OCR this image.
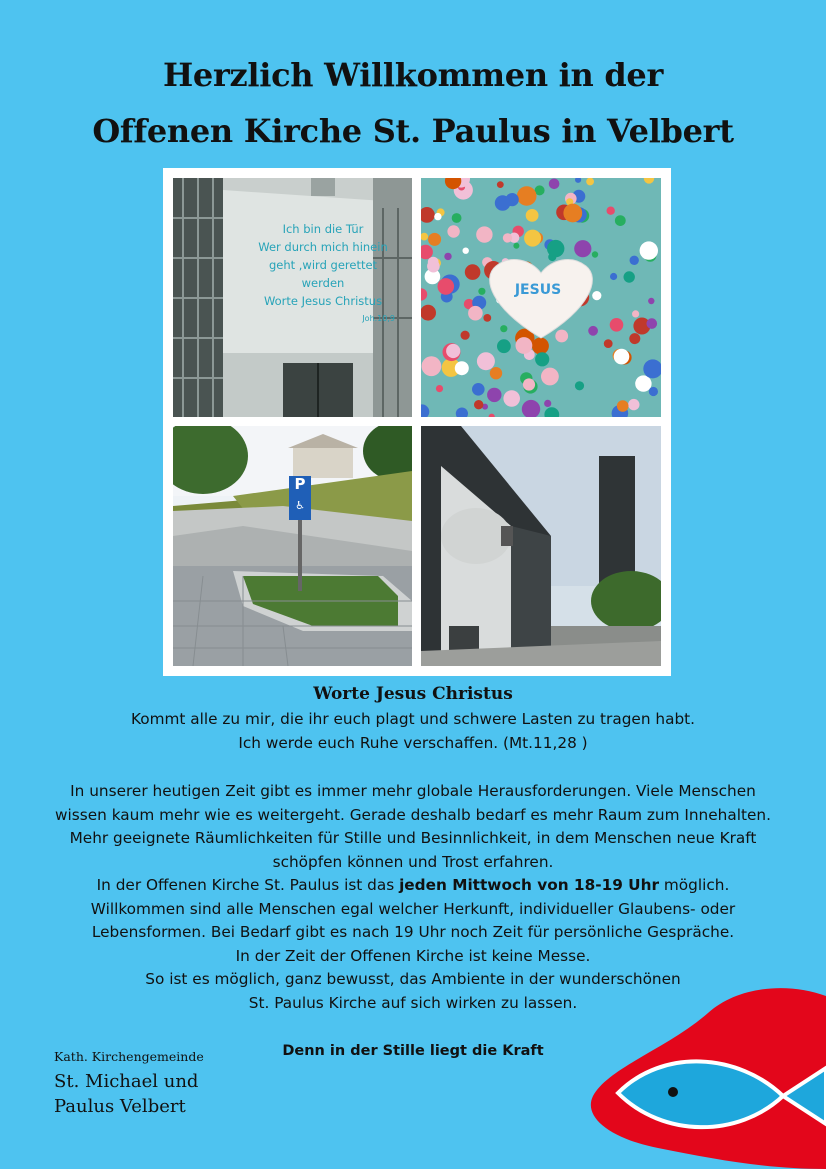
Herzlich Willkommen in der
Offenen Kirche St. Paulus in Velbert
Ich bin die Tür
Wer durch mich hinein
geht ,wird gerettet
werden
Worte Jesus Christus
Joh.10,9
JESUS
P
♿
Worte Jesus Christus
Kommt alle zu mir, die ihr euch plagt und schwere Lasten zu tragen habt.
Ich werde euch Ruhe verschaffen. (Mt.11,28 )
In unserer heutigen Zeit gibt es immer mehr globale Herausforderungen. Viele Menschen
wissen kaum mehr wie es weitergeht. Gerade deshalb bedarf es mehr Raum zum Innehalten.
Mehr geeignete Räumlichkeiten für Stille und Besinnlichkeit, in dem Menschen neue Kraft
schöpfen können und Trost erfahren.
In der Offenen Kirche St. Paulus ist das jeden Mittwoch von 18-19 Uhr möglich.
Willkommen sind alle Menschen egal welcher Herkunft, individueller Glaubens- oder
Lebensformen. Bei Bedarf gibt es nach 19 Uhr noch Zeit für persönliche Gespräche.
In der Zeit der Offenen Kirche ist keine Messe.
So ist es möglich, ganz bewusst, das Ambiente in der wunderschönen
St. Paulus Kirche auf sich wirken zu lassen.
Denn in der Stille liegt die Kraft
Kath. Kirchengemeinde
St. Michael und
Paulus Velbert
